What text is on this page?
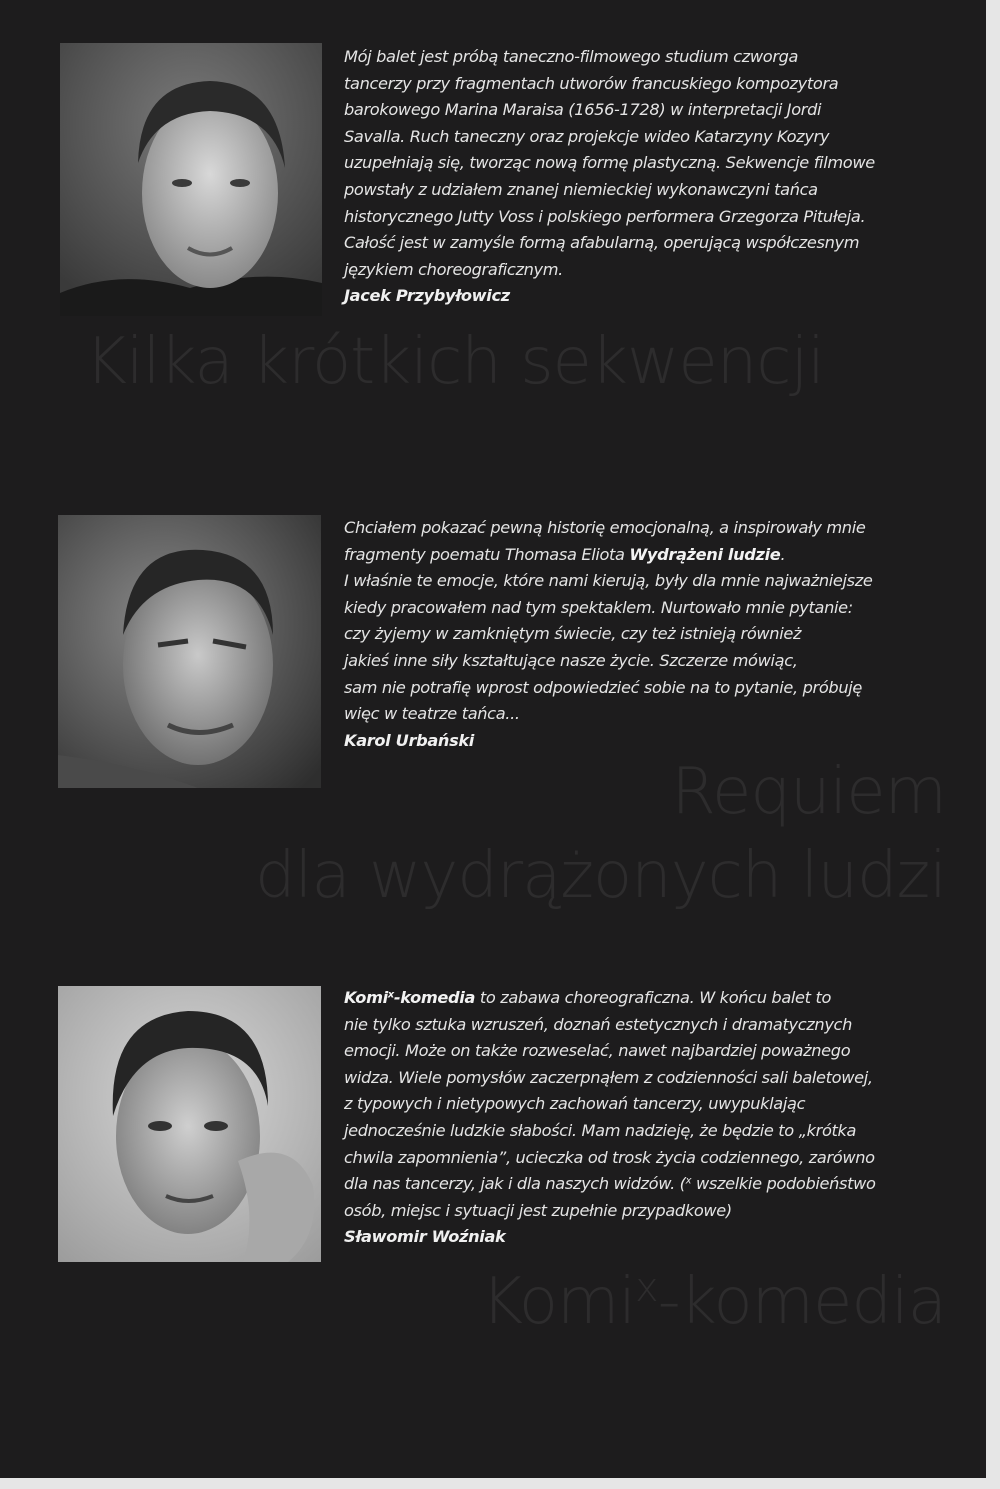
Mój balet jest próbą taneczno-filmowego studium czworga

tancerzy przy fragmentach utworów francuskiego kompozytora

barokowego Marina Maraisa (1656-1728) w interpretacji Jordi

Savalla. Ruch taneczny oraz projekcje wideo Katarzyny Kozyry

uzupełniają się, tworząc nową formę plastyczną. Sekwencje filmowe

powstały z udziałem znanej niemieckiej wykonawczyni tańca

historycznego Jutty Voss i polskiego performera Grzegorza Pitułeja.

Całość jest w zamyśle formą afabularną, operującą współczesnym

językiem choreograficznym.

Jacek Przybyłowicz

Kilka krótkich sekwencji

Chciałem pokazać pewną historię emocjonalną, a inspirowały mnie

fragmenty poematu Thomasa Eliota Wydrążeni ludzie.

I właśnie te emocje, które nami kierują, były dla mnie najważniejsze

kiedy pracowałem nad tym spektaklem. Nurtowało mnie pytanie:

czy żyjemy w zamkniętym świecie, czy też istnieją również

jakieś inne siły kształtujące nasze życie. Szczerze mówiąc,

sam nie potrafię wprost odpowiedzieć sobie na to pytanie, próbuję

więc w teatrze tańca...

Karol Urbański

Requiem
dla wydrążonych ludzi

Komi$^x$-komedia to zabawa choreograficzna. W końcu balet to

nie tylko sztuka wzruszeń, doznań estetycznych i dramatycznych

emocji. Może on także rozweselać, nawet najbardziej poważnego

widza. Wiele pomysłów zaczerpnąłem z codzienności sali baletowej,

z typowych i nietypowych zachowań tancerzy, uwypuklając

jednocześnie ludzkie słabości. Mam nadzieję, że będzie to „krótka

chwila zapomnienia”, ucieczka od trosk życia codziennego, zarówno

dla nas tancerzy, jak i dla naszych widzów. ($^x$ wszelkie podobieństwo

osób, miejsc i sytuacji jest zupełnie przypadkowe)

Sławomir Woźniak

Komi$^x$-komedia
